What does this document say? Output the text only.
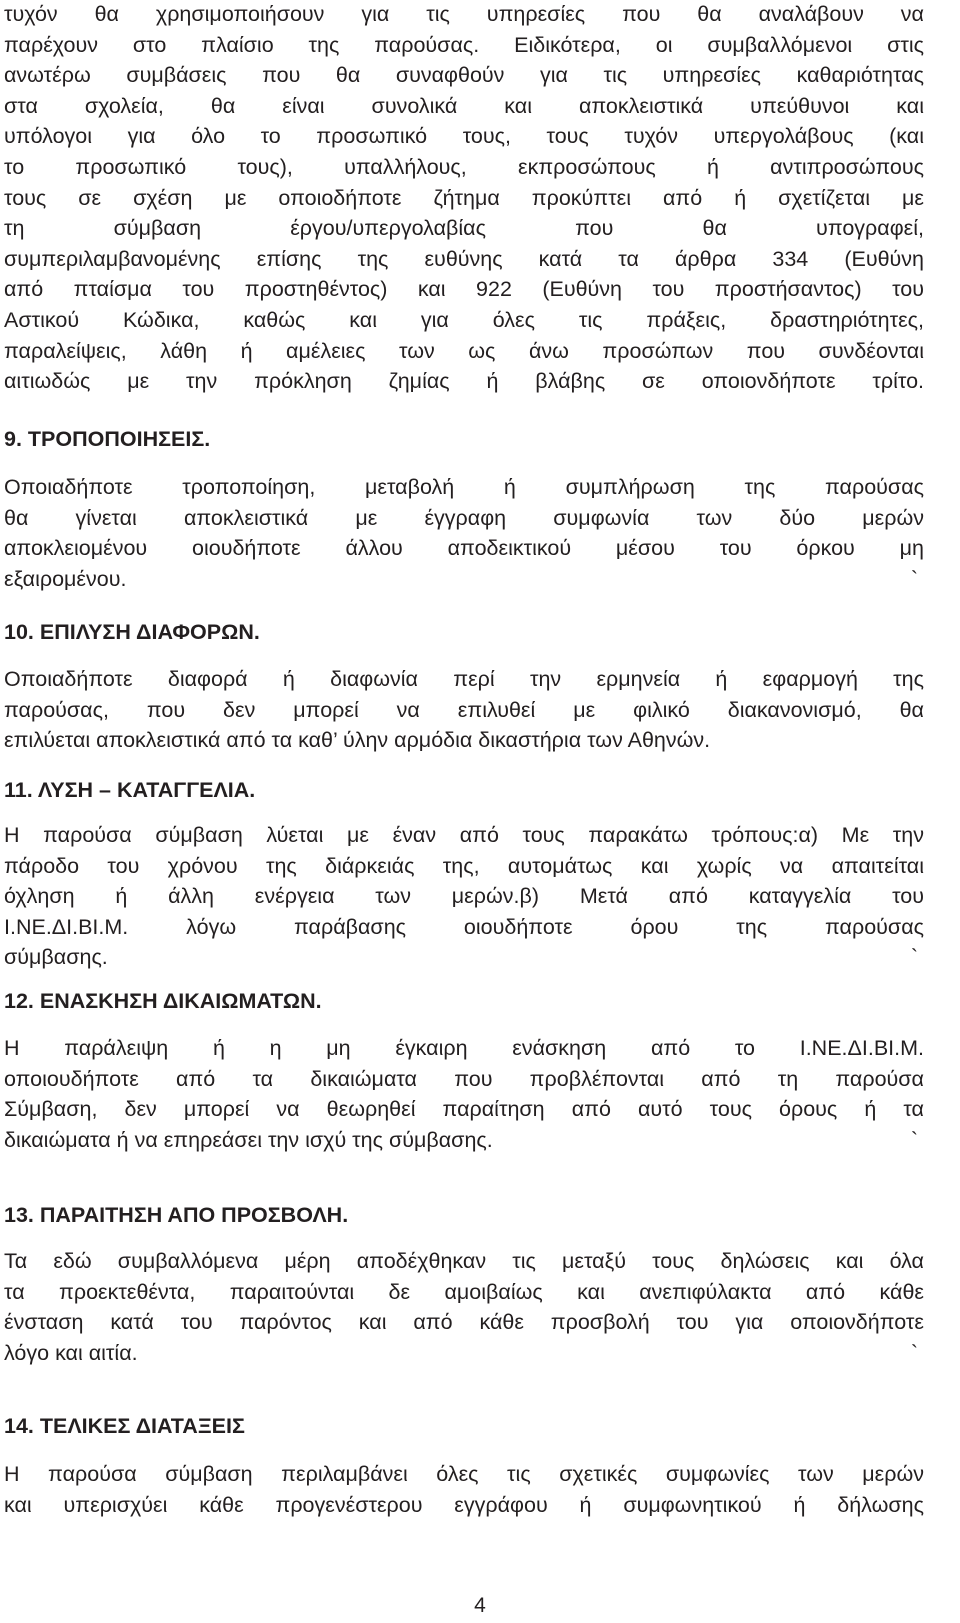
τυχόν θα χρησιμοποιήσουν για τις υπηρεσίες που θα αναλάβουν να
παρέχουν στο πλαίσιο της παρούσας. Ειδικότερα, οι συμβαλλόμενοι στις
ανωτέρω συμβάσεις που θα συναφθούν για τις υπηρεσίες καθαριότητας
στα σχολεία, θα είναι συνολικά και αποκλειστικά υπεύθυνοι και
υπόλογοι για όλο το προσωπικό τους, τους τυχόν υπεργολάβους (και
το προσωπικό τους), υπαλλήλους, εκπροσώπους ή αντιπροσώπους
τους σε σχέση με οποιοδήποτε ζήτημα προκύπτει από ή σχετίζεται με
τη σύμβαση έργου/υπεργολαβίας που θα υπογραφεί,
συμπεριλαμβανομένης επίσης της ευθύνης κατά τα άρθρα 334 (Ευθύνη
από πταίσμα του προστηθέντος) και 922 (Ευθύνη του προστήσαντος) του
Αστικού Κώδικα, καθώς και για όλες τις πράξεις, δραστηριότητες,
παραλείψεις, λάθη ή αμέλειες των ως άνω προσώπων που συνδέονται
αιτιωδώς με την πρόκληση ζημίας ή βλάβης σε οποιονδήποτε τρίτο.
9. ΤΡΟΠΟΠΟΙΗΣΕΙΣ.
Οποιαδήποτε τροποποίηση, μεταβολή ή συμπλήρωση της παρούσας
θα γίνεται αποκλειστικά με έγγραφη συμφωνία των δύο μερών
αποκλειομένου οιουδήποτε άλλου αποδεικτικού μέσου του όρκου μη
εξαιρομένου.	`
10. ΕΠΙΛΥΣΗ ΔΙΑΦΟΡΩΝ.
Οποιαδήποτε διαφορά ή διαφωνία περί την ερμηνεία ή εφαρμογή της
παρούσας, που δεν μπορεί να επιλυθεί με φιλικό διακανονισμό, θα
επιλύεται αποκλειστικά από τα καθ’ ύλην αρμόδια δικαστήρια των Αθηνών.
11. ΛΥΣΗ – ΚΑΤΑΓΓΕΛΙΑ.
Η παρούσα σύμβαση λύεται με έναν από τους παρακάτω τρόπους:α) Με την
πάροδο του χρόνου της διάρκειάς της, αυτομάτως και χωρίς να απαιτείται
όχληση ή άλλη ενέργεια των μερών.β) Μετά από καταγγελία του
Ι.ΝΕ.ΔΙ.ΒΙ.Μ. λόγω παράβασης οιουδήποτε όρου της παρούσας
σύμβασης.	`
12. ΕΝΑΣΚΗΣΗ ΔΙΚΑΙΩΜΑΤΩΝ.
Η παράλειψη ή η μη έγκαιρη ενάσκηση από το Ι.ΝΕ.ΔΙ.ΒΙ.Μ.
οποιουδήποτε από τα δικαιώματα που προβλέπονται από τη παρούσα
Σύμβαση, δεν μπορεί να θεωρηθεί παραίτηση από αυτό τους όρους ή τα
δικαιώματα ή να επηρεάσει την ισχύ της σύμβασης.	`
13. ΠΑΡΑΙΤΗΣΗ ΑΠΟ ΠΡΟΣΒΟΛΗ.
Τα εδώ συμβαλλόμενα μέρη αποδέχθηκαν τις μεταξύ τους δηλώσεις και όλα
τα προεκτεθέντα, παραιτούνται δε αμοιβαίως και ανεπιφύλακτα από κάθε
ένσταση κατά του παρόντος και από κάθε προσβολή του για οποιονδήποτε
λόγο και αιτία.	`
14. ΤΕΛΙΚΕΣ ΔΙΑΤΑΞΕΙΣ
Η παρούσα σύμβαση περιλαμβάνει όλες τις σχετικές συμφωνίες των μερών
και υπερισχύει κάθε προγενέστερου εγγράφου ή συμφωνητικού ή δήλωσης
4
